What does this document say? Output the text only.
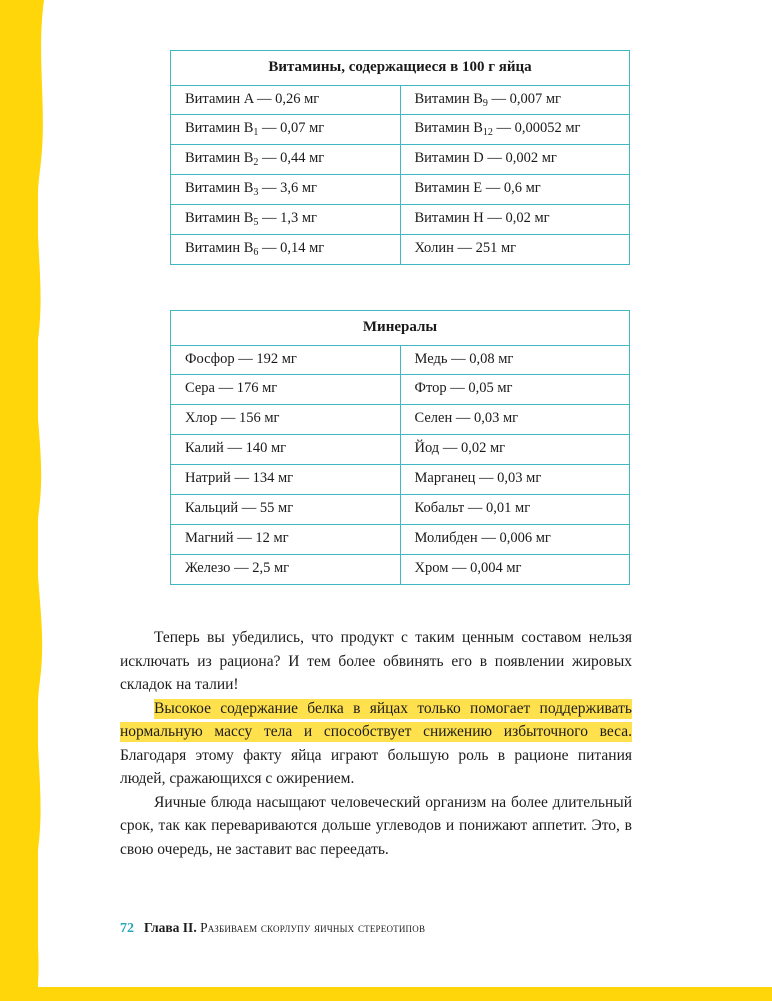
Витамины, содержащиеся в 100 г яйца	
Витамин A — 0,26 мг	Витамин $B_9$ — 0,007 мг
Витамин $B_1$ — 0,07 мг	Витамин $B_{12}$ — 0,00052 мг
Витамин $B_2$ — 0,44 мг	Витамин D — 0,002 мг
Витамин $B_3$ — 3,6 мг	Витамин E — 0,6 мг
Витамин $B_5$ — 1,3 мг	Витамин H — 0,02 мг
Витамин $B_6$ — 0,14 мг	Холин — 251 мг
Минералы	
Фосфор — 192 мг	Медь — 0,08 мг
Сера — 176 мг	Фтор — 0,05 мг
Хлор — 156 мг	Селен — 0,03 мг
Калий — 140 мг	Йод — 0,02 мг
Натрий — 134 мг	Марганец — 0,03 мг
Кальций — 55 мг	Кобальт — 0,01 мг
Магний — 12 мг	Молибден — 0,006 мг
Железо — 2,5 мг	Хром — 0,004 мг

Теперь вы убедились, что продукт с таким ценным составом нельзя исключать из рациона? И тем более обвинять его в появлении жировых складок на талии!

Высокое содержание белка в яйцах только помогает поддерживать нормальную массу тела и способствует снижению избыточного веса. Благодаря этому факту яйца играют большую роль в рационе питания людей, сражающихся с ожирением.

Яичные блюда насыщают человеческий организм на более длительный срок, так как перевариваются дольше углеводов и понижают аппетит. Это, в свою очередь, не заставит вас переедать.

72 Глава II. Разбиваем скорлупу яичных стереотипов
